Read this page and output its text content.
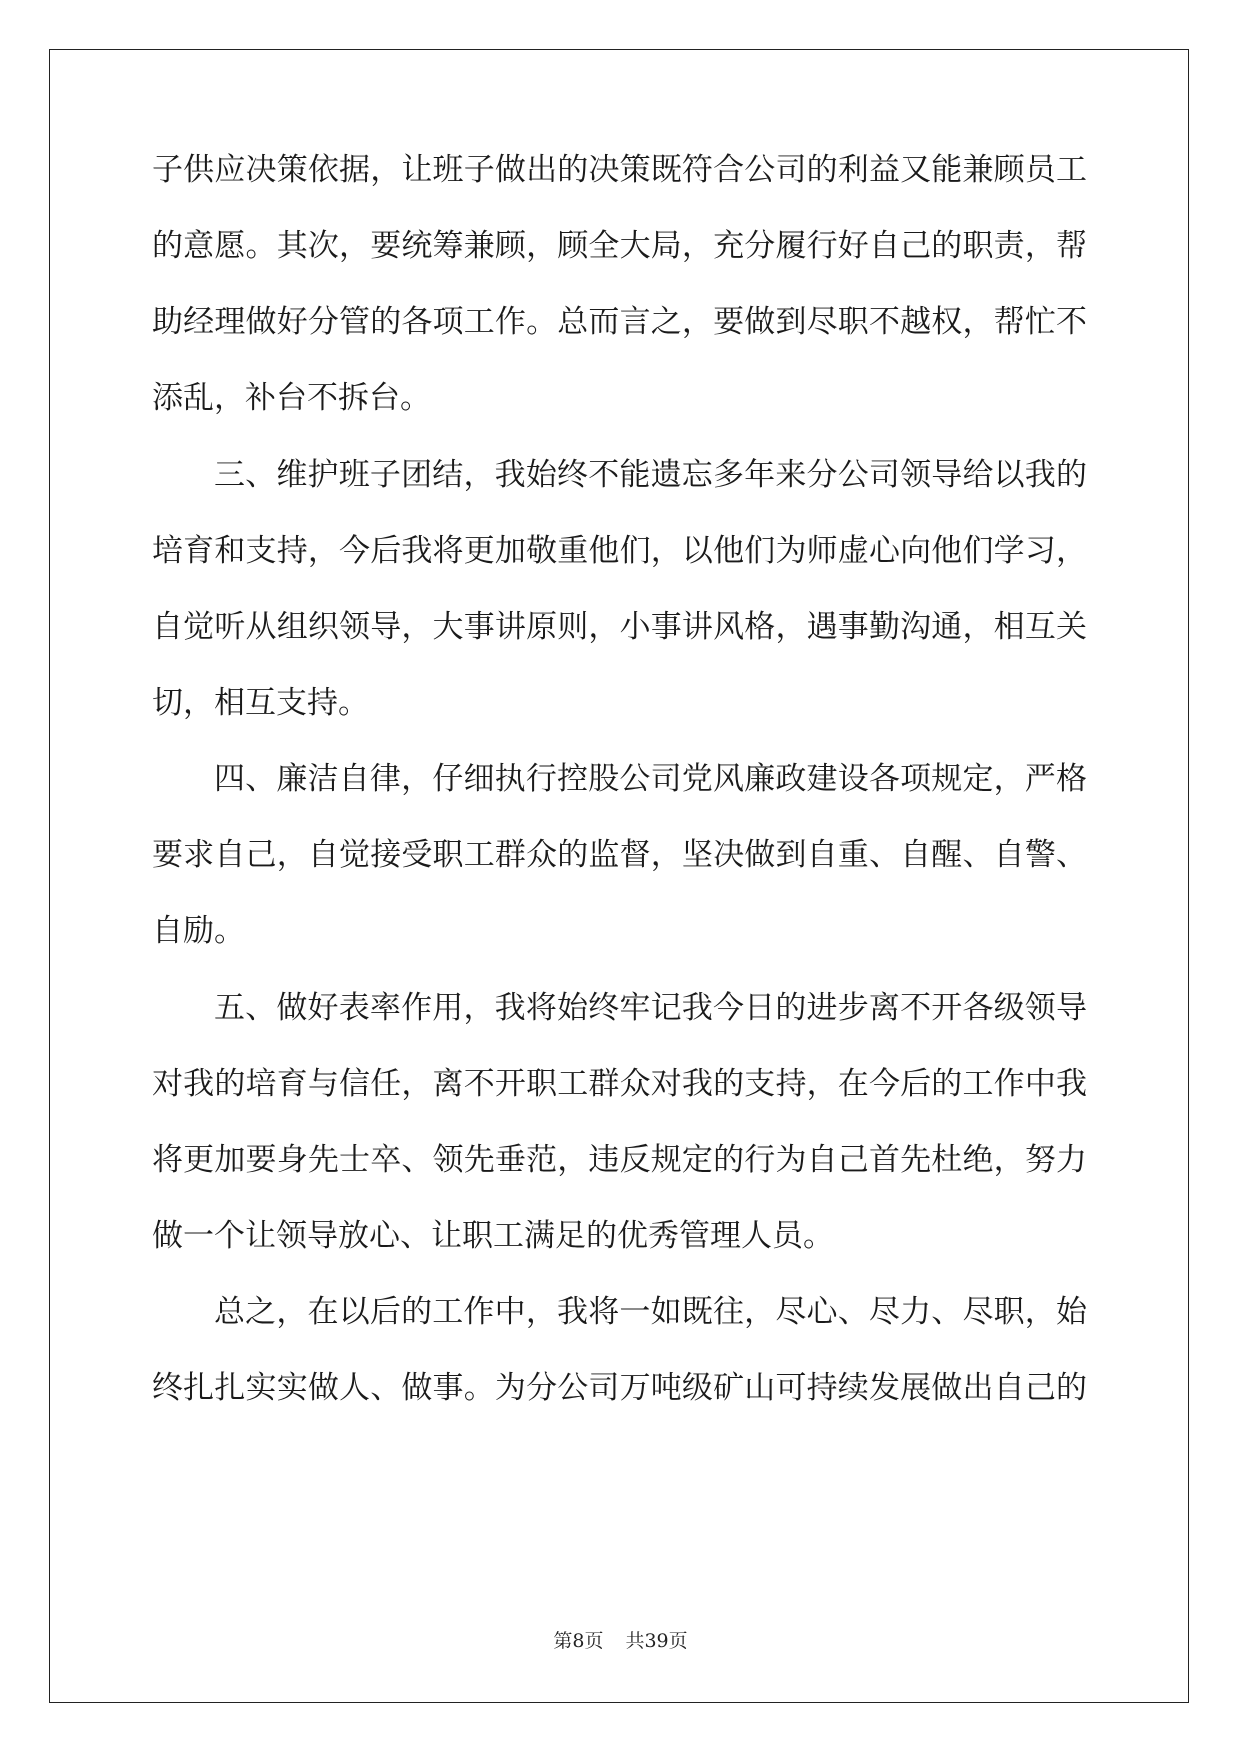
子供应决策依据，让班子做出的决策既符合公司的利益又能兼顾员工
的意愿。其次，要统筹兼顾，顾全大局，充分履行好自己的职责，帮
助经理做好分管的各项工作。总而言之，要做到尽职不越权，帮忙不
添乱，补台不拆台。
三、维护班子团结，我始终不能遗忘多年来分公司领导给以我的
培育和支持，今后我将更加敬重他们，以他们为师虚心向他们学习，
自觉听从组织领导，大事讲原则，小事讲风格，遇事勤沟通，相互关
切，相互支持。
四、廉洁自律，仔细执行控股公司党风廉政建设各项规定，严格
要求自己，自觉接受职工群众的监督，坚决做到自重、自醒、自警、
自励。
五、做好表率作用，我将始终牢记我今日的进步离不开各级领导
对我的培育与信任，离不开职工群众对我的支持，在今后的工作中我
将更加要身先士卒、领先垂范，违反规定的行为自己首先杜绝，努力
做一个让领导放心、让职工满足的优秀管理人员。
总之，在以后的工作中，我将一如既往，尽心、尽力、尽职，始
终扎扎实实做人、做事。为分公司万吨级矿山可持续发展做出自己的
第8页 共39页
